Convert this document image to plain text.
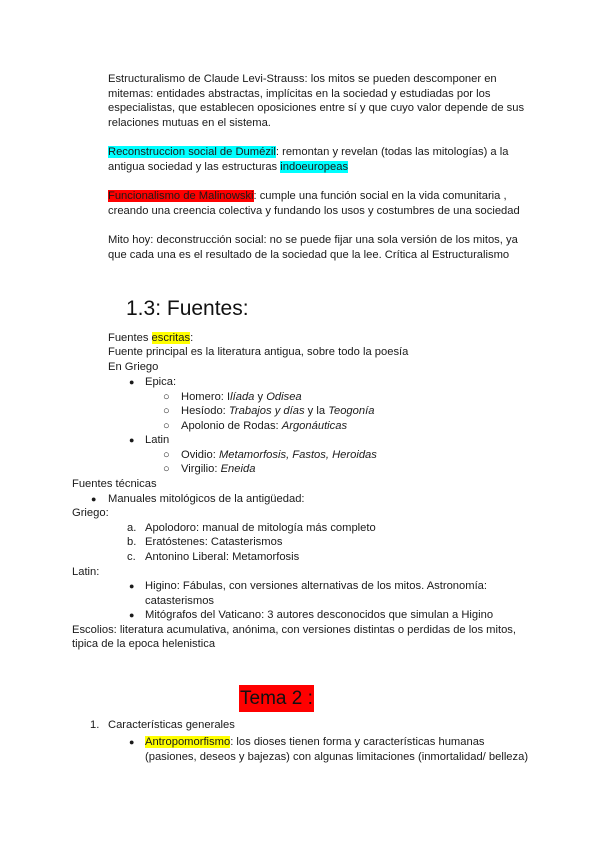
Estructuralismo de Claude Levi-Strauss: los mitos se pueden descomponer en
mitemas: entidades abstractas, implícitas en la sociedad y estudiadas por los
especialistas, que establecen oposiciones entre sí y que cuyo valor depende de sus
relaciones mutuas en el sistema.
Reconstruccion social de Dumézil: remontan y revelan (todas las mitologías) a la
antigua sociedad y las estructuras indoeuropeas
Funcionalismo de Malinowski: cumple una función social en la vida comunitaria ,
creando una creencia colectiva y fundando los usos y costumbres de una sociedad
Mito hoy: deconstrucción social: no se puede fijar una sola versión de los mitos, ya
que cada una es el resultado de la sociedad que la lee. Crítica al Estructuralismo
1.3: Fuentes:
Fuentes escritas:
Fuente principal es la literatura antigua, sobre todo la poesía
En Griego
● Epica:
○ Homero: Ilíada y Odisea
○ Hesíodo: Trabajos y días y la Teogonía
○ Apolonio de Rodas: Argonáuticas
● Latin
○ Ovidio: Metamorfosis, Fastos, Heroidas
○ Virgilio: Eneida
Fuentes técnicas
● Manuales mitológicos de la antigüedad:
Griego:
a. Apolodoro: manual de mitología más completo
b. Eratóstenes: Catasterismos
c. Antonino Liberal: Metamorfosis
Latin:
● Higino: Fábulas, con versiones alternativas de los mitos. Astronomía:
catasterismos
● Mitógrafos del Vaticano: 3 autores desconocidos que simulan a Higino
Escolios: literatura acumulativa, anónima, con versiones distintas o perdidas de los mitos,
tipica de la epoca helenistica
Tema 2 :
1. Características generales
● Antropomorfismo: los dioses tienen forma y características humanas
(pasiones, deseos y bajezas) con algunas limitaciones (inmortalidad/ belleza)
